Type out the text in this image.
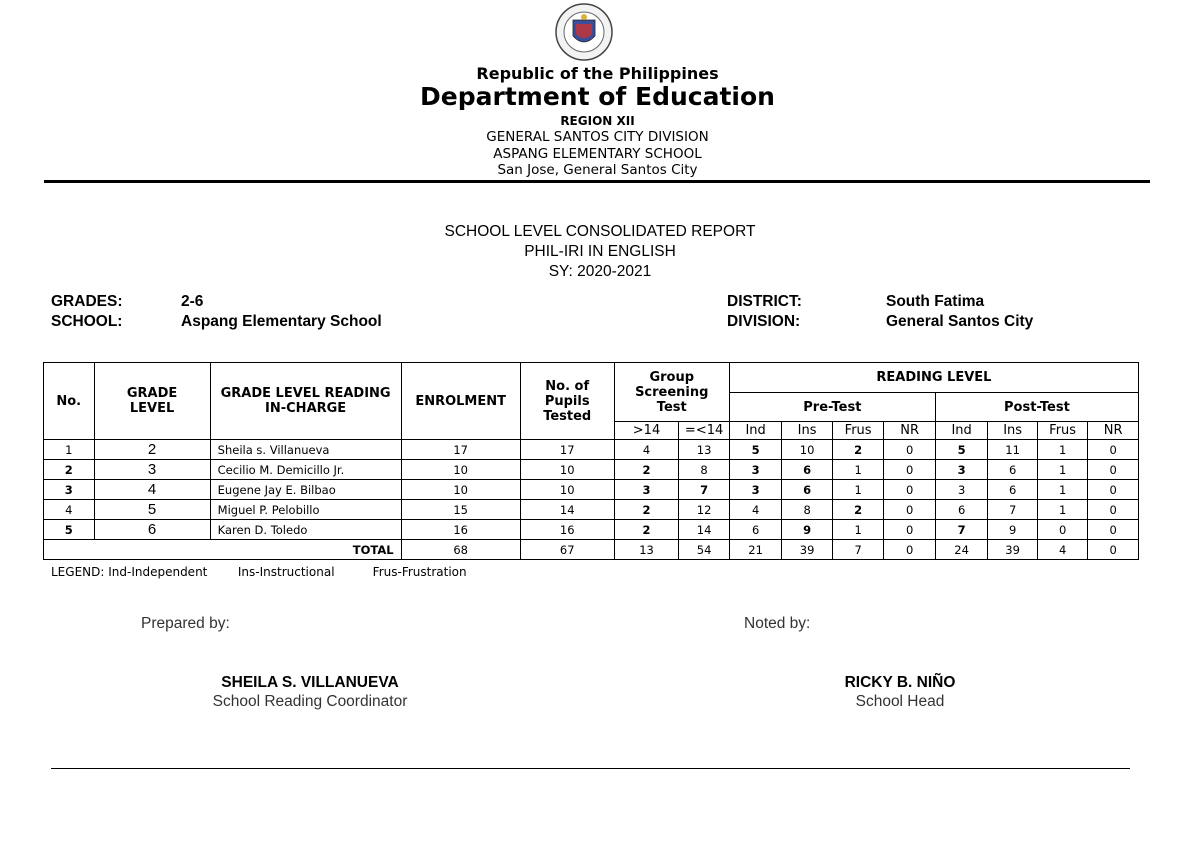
Republic of the Philippines
Department of Education
REGION XII
GENERAL SANTOS CITY DIVISION
ASPANG ELEMENTARY SCHOOL
San Jose, General Santos City
SCHOOL LEVEL CONSOLIDATED REPORT
PHIL-IRI IN ENGLISH
SY: 2020-2021
GRADES:	2-6
SCHOOL:	Aspang Elementary School
DISTRICT:	South Fatima
DIVISION:	General Santos City
No.	GRADE LEVEL	GRADE LEVEL READING IN-CHARGE	ENROLMENT	No. of Pupils Tested	Group Screening Test		READING LEVEL							
							Pre-Test				Post-Test			
					>14	=<14	Ind	Ins	Frus	NR	Ind	Ins	Frus	NR
1	2	Sheila s. Villanueva	17	17	4	13	5	10	2	0	5	11	1	0
2	3	Cecilio M. Demicillo Jr.	10	10	2	8	3	6	1	0	3	6	1	0
3	4	Eugene Jay E. Bilbao	10	10	3	7	3	6	1	0	3	6	1	0
4	5	Miguel P. Pelobillo	15	14	2	12	4	8	2	0	6	7	1	0
5	6	Karen D. Toledo	16	16	2	14	6	9	1	0	7	9	0	0
TOTAL			68	67	13	54	21	39	7	0	24	39	4	0
LEGEND: Ind-Independent        Ins-Instructional          Frus-Frustration
Prepared by:	Noted by:
SHEILA S. VILLANUEVA
School Reading Coordinator
RICKY B. NIÑO
School Head
